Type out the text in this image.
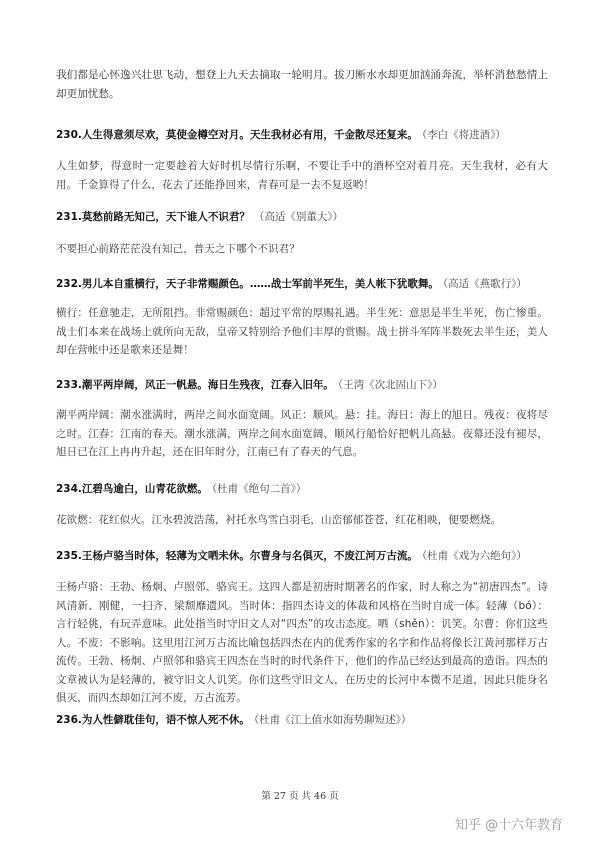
我们都是心怀逸兴壮思飞动，想登上九天去摘取一轮明月。拔刀断水水却更加汹涌奔流，举杯消愁愁情上却更加忧愁。
230.人生得意须尽欢，莫使金樽空对月。天生我材必有用，千金散尽还复来。 （李白《将进酒》）
人生如梦，得意时一定要趁着大好时机尽情行乐啊，不要让手中的酒杯空对着月亮。天生我材，必有大用。千金算得了什么，花去了还能挣回来，青春可是一去不复返哟！
231.莫愁前路无知己，天下谁人不识君？ （高适《别董大》）
不要担心前路茫茫没有知己，普天之下哪个不识君？
232.男儿本自重横行，天子非常赐颜色。……战士军前半死生，美人帐下犹歌舞。 （高适《燕歌行》）
横行：任意驰走，无所阻挡。非常赐颜色：超过平常的厚赐礼遇。半生死：意思是半生半死，伤亡惨重。战士们本来在战场上就所向无敌，皇帝又特别给予他们丰厚的赏赐。战士拼斗军阵半数死去半生还，美人却在营帐中还是歌来还是舞！
233.潮平两岸阔，风正一帆悬。海日生残夜，江春入旧年。 （王湾《次北固山下》）
潮平两岸阔：潮水涨满时，两岸之间水面宽阔。风正：顺风。悬：挂。海日：海上的旭日。残夜：夜将尽之时。江春：江南的春天。潮水涨满，两岸之间水面宽阔，顺风行船恰好把帆儿高悬。夜幕还没有褪尽，旭日已在江上冉冉升起，还在旧年时分，江南已有了春天的气息。
234.江碧鸟逾白，山青花欲燃。 （杜甫《绝句二首》）
花欲燃：花红似火。江水碧波浩荡，衬托水鸟雪白羽毛，山峦郁郁苍苍，红花相映，便要燃烧。
235.王杨卢骆当时体，轻薄为文哂未休。尔曹身与名俱灭，不废江河万古流。 （杜甫《戏为六绝句》）
王杨卢骆：王勃、杨炯、卢照邻、骆宾王。这四人都是初唐时期著名的作家，时人称之为“初唐四杰”。诗风清新、刚健，一扫齐、梁颓靡遗风。当时体：指四杰诗文的体裁和风格在当时自成一体。轻薄（bó）：言行轻佻，有玩弄意味。此处指当时守旧文人对“四杰”的攻击态度。哂（shěn）：讥笑。尔曹：你们这些人。不废：不影响。这里用江河万古流比喻包括四杰在内的优秀作家的名字和作品将像长江黄河那样万古流传。王勃、杨炯、卢照邻和骆宾王四杰在当时的时代条件下，他们的作品已经达到最高的造诣。四杰的文章被认为是轻薄的，被守旧文人讥笑。你们这些守旧文人，在历史的长河中本微不足道，因此只能身名俱灭，而四杰却如江河不废，万古流芳。
236.为人性僻耽佳句，语不惊人死不休。 （杜甫《江上值水如海势聊短述》）
第 27 页 共 46 页
知乎 @十六年教育
